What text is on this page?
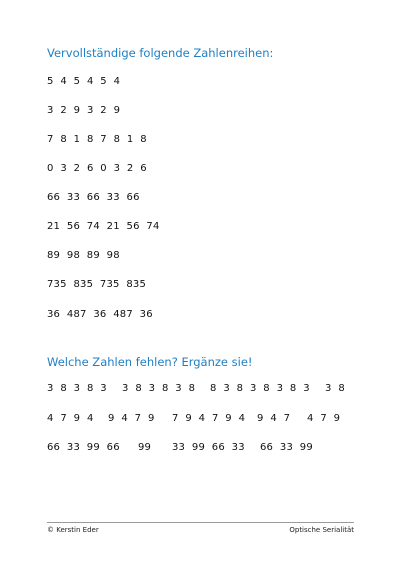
Vervollständige folgende Zahlenreihen:
5  4  5  4  5  4
3  2  9  3  2  9
7  8  1  8  7  8  1  8
0  3  2  6  0  3  2  6
66  33  66  33  66
21  56  74  21  56  74
89  98  89  98
735  835  735  835
36  487  36  487  36
Welche Zahlen fehlen? Ergänze sie!
3  8  3  8  3 3  8  3  8  3  8 8  3  8  3  8  3  8  3 3  8
4  7  9  4 9  4  7  9 7  9  4  7  9  4 9  4  7 4  7  9
66  33  99  66 99 33  99  66  33 66  33  99
© Kerstin Eder	Optische Serialität
